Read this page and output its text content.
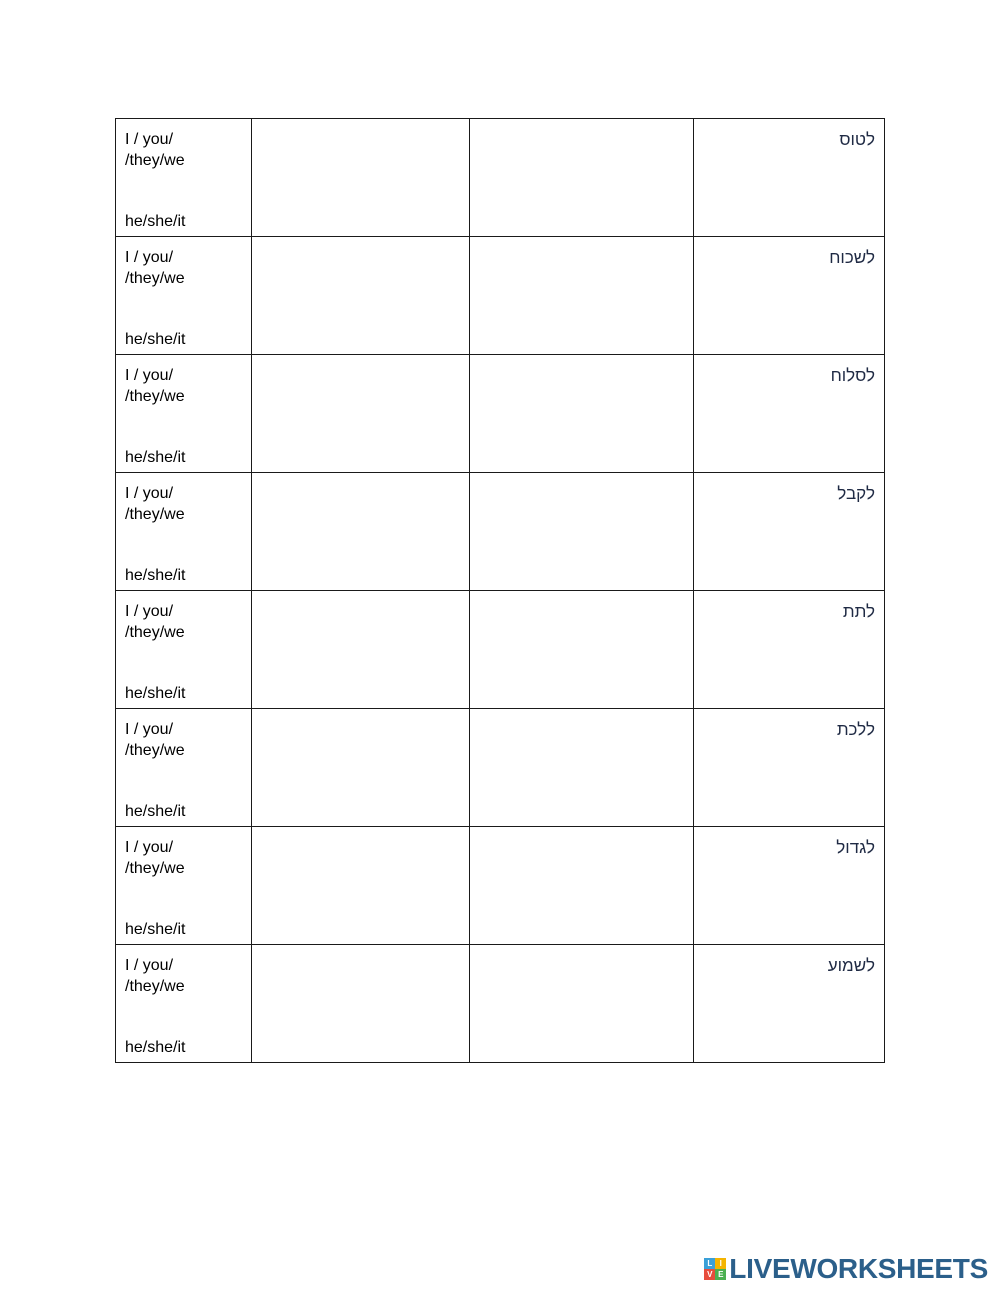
I / you/
/they/we
he/she/it			לטוס

I / you/
/they/we
he/she/it			לשכוח

I / you/
/they/we
he/she/it			לסלוח

I / you/
/they/we
he/she/it			לקבל

I / you/
/they/we
he/she/it			לתת

I / you/
/they/we
he/she/it			ללכת

I / you/
/they/we
he/she/it			לגדול

I / you/
/they/we
he/she/it			לשמוע
L I
V E LIVEWORKSHEETS
